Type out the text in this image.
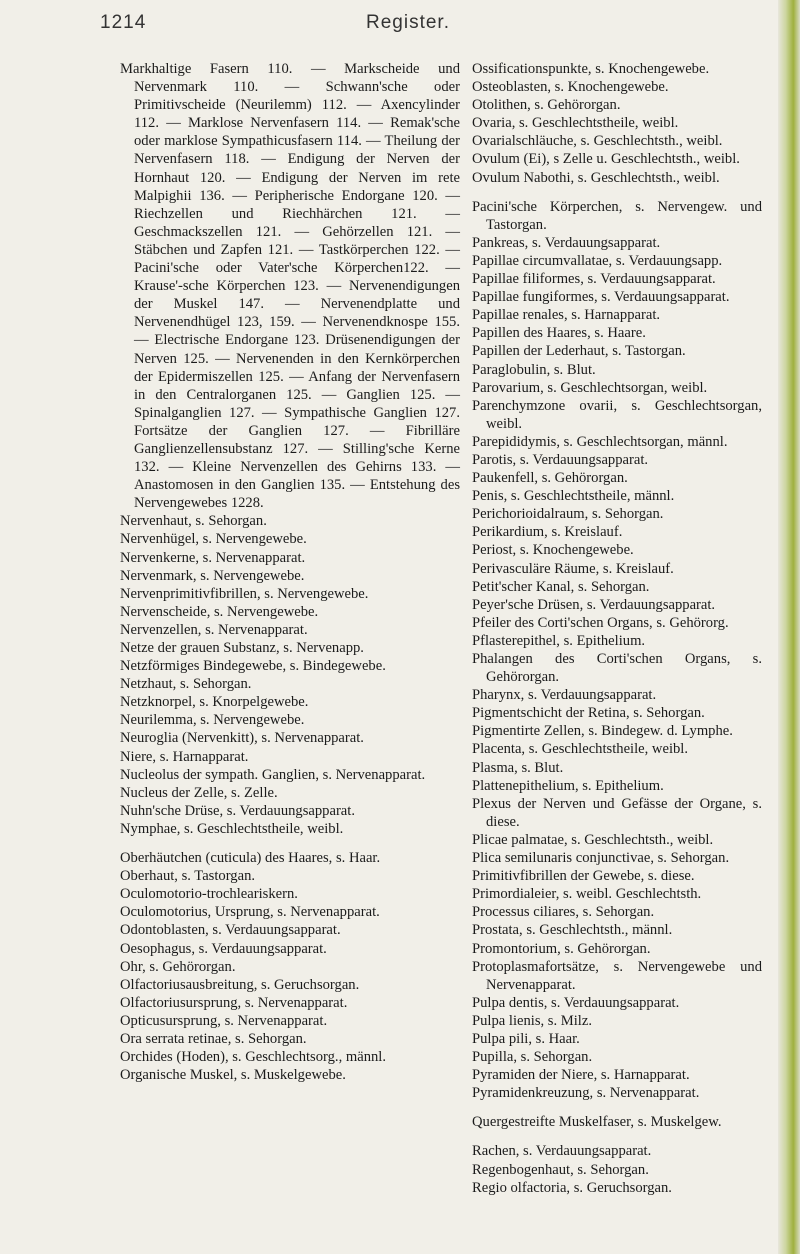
1214	Register.

Markhaltige Fasern 110. — Markscheide und Nervenmark 110. — Schwann'sche oder Primitivscheide (Neurilemm) 112. — Axencylinder 112. — Marklose Nervenfasern 114. — Remak'sche oder marklose Sympathicusfasern 114. — Theilung der Nervenfasern 118. — Endigung der Nerven der Hornhaut 120. — Endigung der Nerven im rete Malpighii 136. — Peripherische Endorgane 120. — Riechzellen und Riechhärchen 121. — Geschmackszellen 121. — Gehörzellen 121. — Stäbchen und Zapfen 121. — Tastkörperchen 122. — Pacini'sche oder Vater'sche Körperchen122. — Krause'-sche Körperchen 123. — Nervenendigungen der Muskel 147. — Nervenendplatte und Nervenendhügel 123, 159. — Nervenendknospe 155. — Electrische Endorgane 123. Drüsenendigungen der Nerven 125. — Nervenenden in den Kernkörperchen der Epidermiszellen 125. — Anfang der Nervenfasern in den Centralorganen 125. — Ganglien 125. — Spinalganglien 127. — Sympathische Ganglien 127. Fortsätze der Ganglien 127. — Fibrilläre Ganglienzellensubstanz 127. — Stilling'sche Kerne 132. — Kleine Nervenzellen des Gehirns 133. — Anastomosen in den Ganglien 135. — Entstehung des Nervengewebes 1228.

Nervenhaut, s. Sehorgan.

Nervenhügel, s. Nervengewebe.

Nervenkerne, s. Nervenapparat.

Nervenmark, s. Nervengewebe.

Nervenprimitivfibrillen, s. Nervengewebe.

Nervenscheide, s. Nervengewebe.

Nervenzellen, s. Nervenapparat.

Netze der grauen Substanz, s. Nervenapp.

Netzförmiges Bindegewebe, s. Bindegewebe.

Netzhaut, s. Sehorgan.

Netzknorpel, s. Knorpelgewebe.

Neurilemma, s. Nervengewebe.

Neuroglia (Nervenkitt), s. Nervenapparat.

Niere, s. Harnapparat.

Nucleolus der sympath. Ganglien, s. Nervenapparat.

Nucleus der Zelle, s. Zelle.

Nuhn'sche Drüse, s. Verdauungsapparat.

Nymphae, s. Geschlechtstheile, weibl.

Oberhäutchen (cuticula) des Haares, s. Haar.

Oberhaut, s. Tastorgan.

Oculomotorio-trochleariskern.

Oculomotorius, Ursprung, s. Nervenapparat.

Odontoblasten, s. Verdauungsapparat.

Oesophagus, s. Verdauungsapparat.

Ohr, s. Gehörorgan.

Olfactoriusausbreitung, s. Geruchsorgan.

Olfactoriusursprung, s. Nervenapparat.

Opticusursprung, s. Nervenapparat.

Ora serrata retinae, s. Sehorgan.

Orchides (Hoden), s. Geschlechtsorg., männl.

Organische Muskel, s. Muskelgewebe.

Ossificationspunkte, s. Knochengewebe.

Osteoblasten, s. Knochengewebe.

Otolithen, s. Gehörorgan.

Ovaria, s. Geschlechtstheile, weibl.

Ovarialschläuche, s. Geschlechtsth., weibl.

Ovulum (Ei), s Zelle u. Geschlechtsth., weibl.

Ovulum Nabothi, s. Geschlechtsth., weibl.

Pacini'sche Körperchen, s. Nervengew. und Tastorgan.

Pankreas, s. Verdauungsapparat.

Papillae circumvallatae, s. Verdauungsapp.

Papillae filiformes, s. Verdauungsapparat.

Papillae fungiformes, s. Verdauungsapparat.

Papillae renales, s. Harnapparat.

Papillen des Haares, s. Haare.

Papillen der Lederhaut, s. Tastorgan.

Paraglobulin, s. Blut.

Parovarium, s. Geschlechtsorgan, weibl.

Parenchymzone ovarii, s. Geschlechtsorgan, weibl.

Parepididymis, s. Geschlechtsorgan, männl.

Parotis, s. Verdauungsapparat.

Paukenfell, s. Gehörorgan.

Penis, s. Geschlechtstheile, männl.

Perichorioidalraum, s. Sehorgan.

Perikardium, s. Kreislauf.

Periost, s. Knochengewebe.

Perivasculäre Räume, s. Kreislauf.

Petit'scher Kanal, s. Sehorgan.

Peyer'sche Drüsen, s. Verdauungsapparat.

Pfeiler des Corti'schen Organs, s. Gehörorg.

Pflasterepithel, s. Epithelium.

Phalangen des Corti'schen Organs, s. Gehörorgan.

Pharynx, s. Verdauungsapparat.

Pigmentschicht der Retina, s. Sehorgan.

Pigmentirte Zellen, s. Bindegew. d. Lymphe.

Placenta, s. Geschlechtstheile, weibl.

Plasma, s. Blut.

Plattenepithelium, s. Epithelium.

Plexus der Nerven und Gefässe der Organe, s. diese.

Plicae palmatae, s. Geschlechtsth., weibl.

Plica semilunaris conjunctivae, s. Sehorgan.

Primitivfibrillen der Gewebe, s. diese.

Primordialeier, s. weibl. Geschlechtsth.

Processus ciliares, s. Sehorgan.

Prostata, s. Geschlechtsth., männl.

Promontorium, s. Gehörorgan.

Protoplasmafortsätze, s. Nervengewebe und Nervenapparat.

Pulpa dentis, s. Verdauungsapparat.

Pulpa lienis, s. Milz.

Pulpa pili, s. Haar.

Pupilla, s. Sehorgan.

Pyramiden der Niere, s. Harnapparat.

Pyramidenkreuzung, s. Nervenapparat.

Quergestreifte Muskelfaser, s. Muskelgew.

Rachen, s. Verdauungsapparat.

Regenbogenhaut, s. Sehorgan.

Regio olfactoria, s. Geruchsorgan.
